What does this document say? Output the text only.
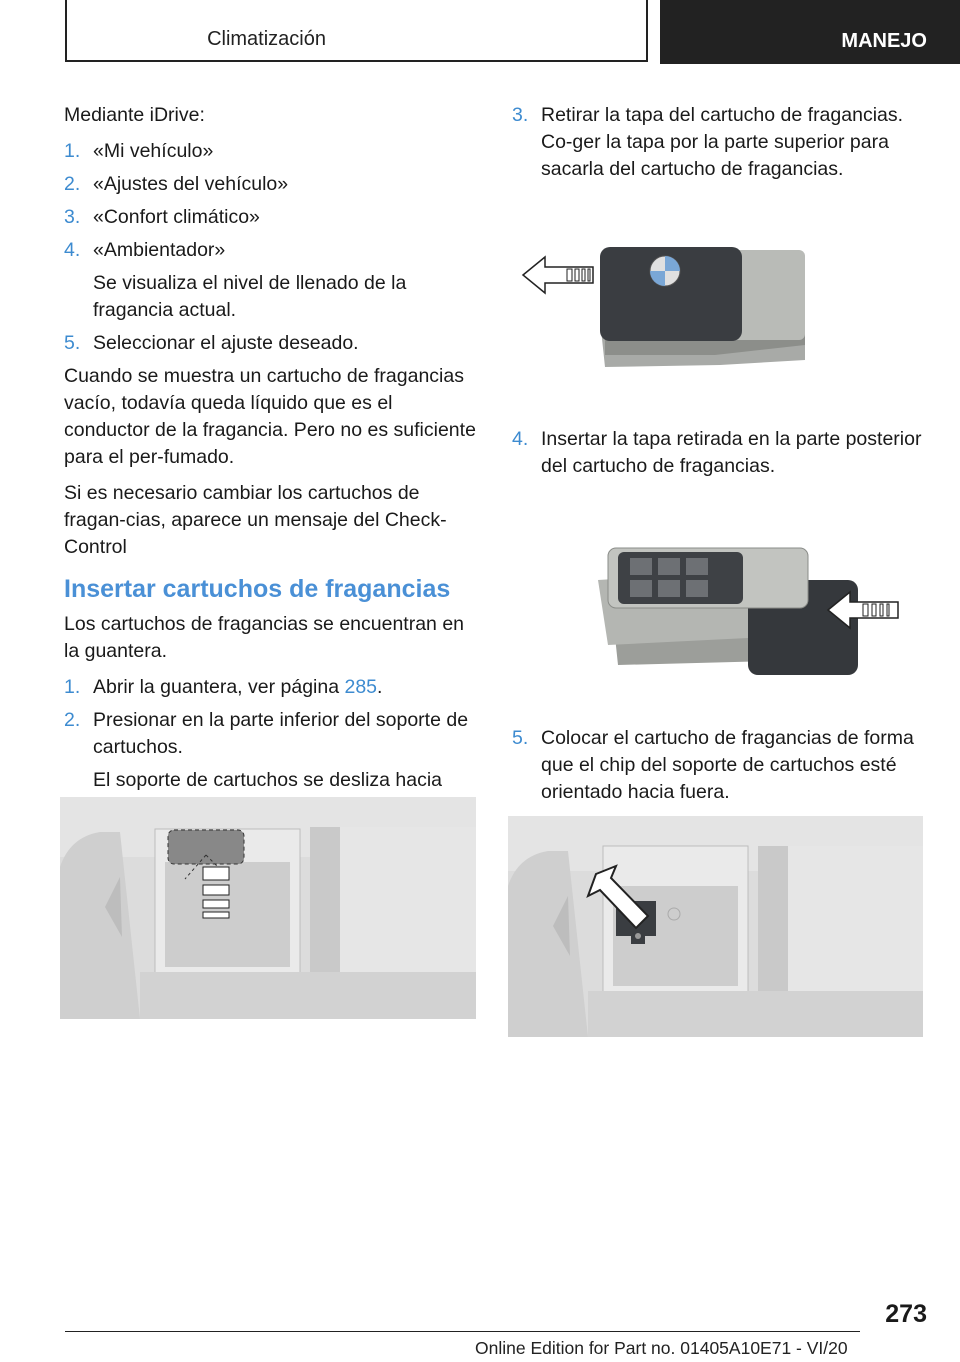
Climatización	MANEJO

Mediante iDrive:

1. «Mi vehículo»
2. «Ajustes del vehículo»
3. «Confort climático»
4. «Ambientador»
Se visualiza el nivel de llenado de la fragancia actual.
5. Seleccionar el ajuste deseado.

Cuando se muestra un cartucho de fragancias vacío, todavía queda líquido que es el conductor de la fragancia. Pero no es suficiente para el per-fumado.

Si es necesario cambiar los cartuchos de fragan-cias, aparece un mensaje del Check-Control

Insertar cartuchos de fragancias

Los cartuchos de fragancias se encuentran en la guantera.

1. Abrir la guantera, ver página 285.
2. Presionar en la parte inferior del soporte de cartuchos.
El soporte de cartuchos se desliza hacia
3. Retirar la tapa del cartucho de fragancias. Co-ger la tapa por la parte superior para sacarla del cartucho de fragancias.
4. Insertar la tapa retirada en la parte posterior del cartucho de fragancias.
5. Colocar el cartucho de fragancias de forma que el chip del soporte de cartuchos esté orientado hacia fuera.
273
Online Edition for Part no. 01405A10E71 - VI/20
